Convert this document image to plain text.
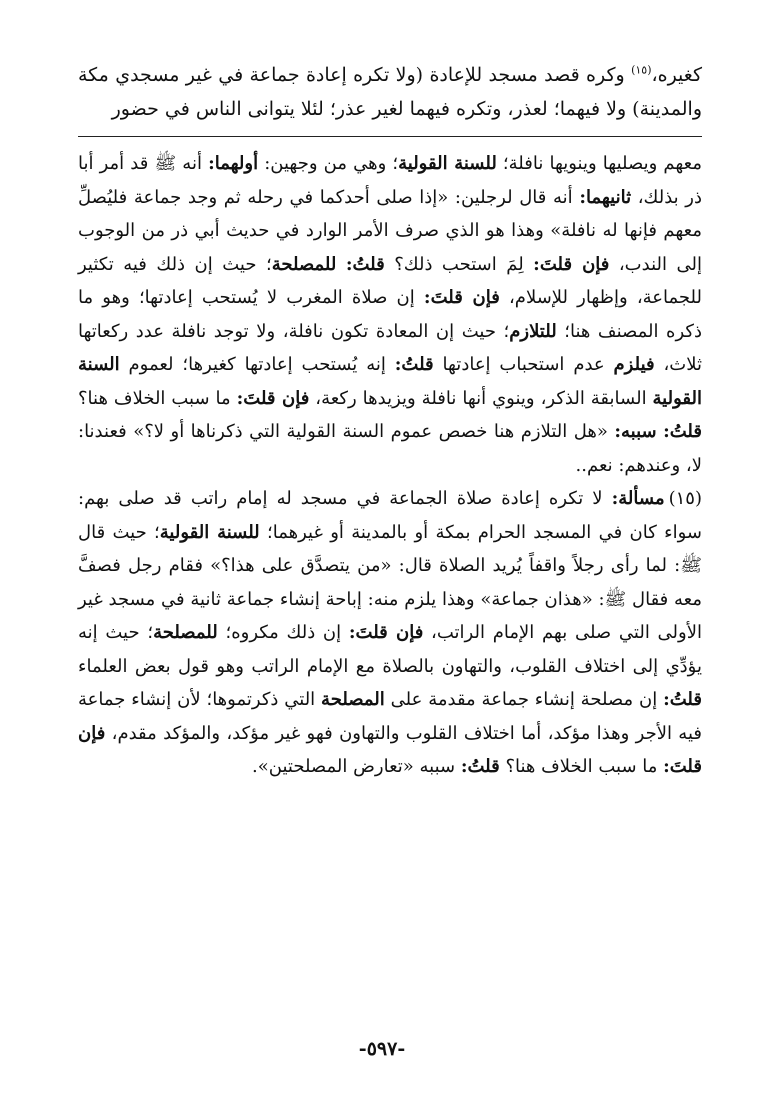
كغيره،$^{(١٥)}$ وكره قصد مسجد للإعادة (ولا تكره إعادة جماعة في غير مسجدي مكة والمدينة) ولا فيهما؛ لعذر، وتكره فيهما لغير عذر؛ لئلا يتوانى الناس في حضور

معهم ويصليها وينويها نافلة؛ للسنة القولية؛ وهي من وجهين: أولهما: أنه ﷺ قد أمر أبا ذر بذلك، ثانيهما: أنه قال لرجلين: «إذا صلى أحدكما في رحله ثم وجد جماعة فليُصلِّ معهم فإنها له نافلة» وهذا هو الذي صرف الأمر الوارد في حديث أبي ذر من الوجوب إلى الندب، فإن قلتَ: لِمَ استحب ذلك؟ قلتُ: للمصلحة؛ حيث إن ذلك فيه تكثير للجماعة، وإظهار للإسلام، فإن قلتَ: إن صلاة المغرب لا يُستحب إعادتها؛ وهو ما ذكره المصنف هنا؛ للتلازم؛ حيث إن المعادة تكون نافلة، ولا توجد نافلة عدد ركعاتها ثلاث، فيلزم عدم استحباب إعادتها قلتُ: إنه يُستحب إعادتها كغيرها؛ لعموم السنة القولية السابقة الذكر، وينوي أنها نافلة ويزيدها ركعة، فإن قلتَ: ما سبب الخلاف هنا؟ قلتُ: سببه: «هل التلازم هنا خصص عموم السنة القولية التي ذكرناها أو لا؟» فعندنا: لا، وعندهم: نعم..

(١٥)مسألة: لا تكره إعادة صلاة الجماعة في مسجد له إمام راتب قد صلى بهم: سواء كان في المسجد الحرام بمكة أو بالمدينة أو غيرهما؛ للسنة القولية؛ حيث قال ﷺ: لما رأى رجلاً واقفاً يُريد الصلاة قال: «من يتصدَّق على هذا؟» فقام رجل فصفَّ معه فقال ﷺ: «هذان جماعة» وهذا يلزم منه: إباحة إنشاء جماعة ثانية في مسجد غير الأولى التي صلى بهم الإمام الراتب، فإن قلتَ: إن ذلك مكروه؛ للمصلحة؛ حيث إنه يؤدِّي إلى اختلاف القلوب، والتهاون بالصلاة مع الإمام الراتب وهو قول بعض العلماء قلتُ: إن مصلحة إنشاء جماعة مقدمة على المصلحة التي ذكرتموها؛ لأن إنشاء جماعة فيه الأجر وهذا مؤكد، أما اختلاف القلوب والتهاون فهو غير مؤكد، والمؤكد مقدم، فإن قلتَ: ما سبب الخلاف هنا؟ قلتُ: سببه «تعارض المصلحتين».

-٥٩٧-
